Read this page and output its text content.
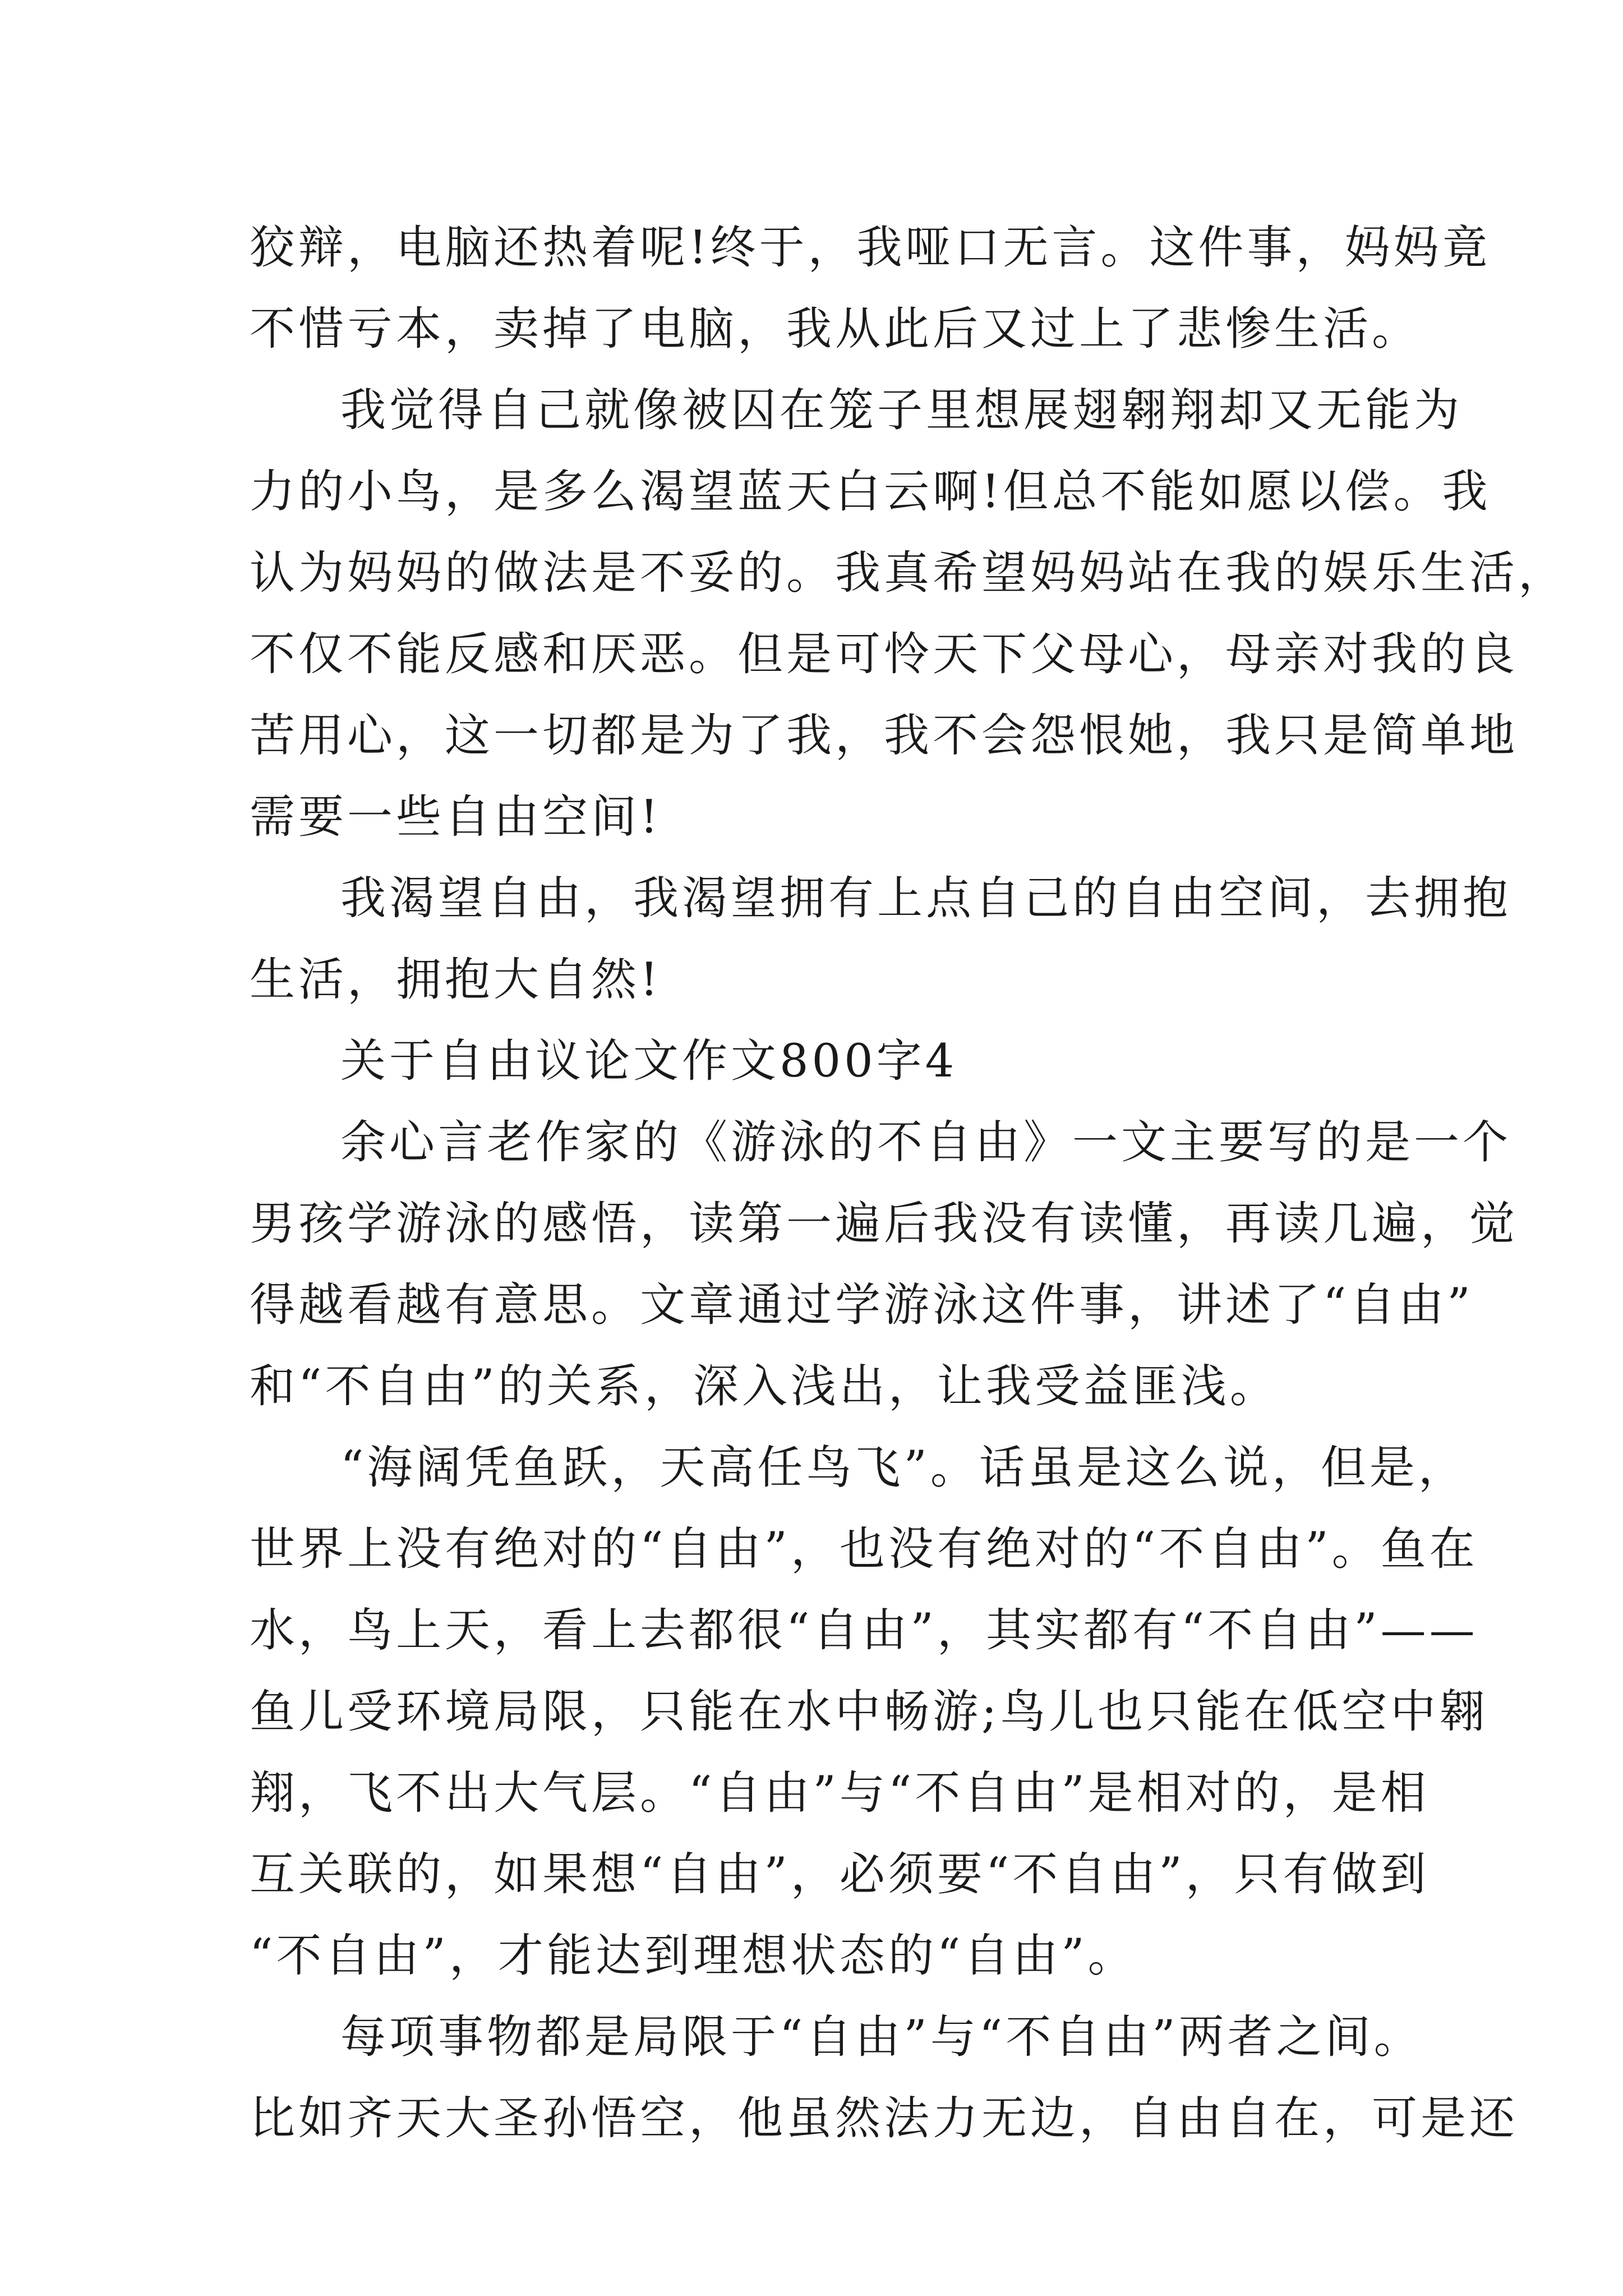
狡辩，电脑还热着呢!终于，我哑口无言。这件事，妈妈竟
不惜亏本，卖掉了电脑，我从此后又过上了悲惨生活。
我觉得自己就像被囚在笼子里想展翅翱翔却又无能为
力的小鸟，是多么渴望蓝天白云啊!但总不能如愿以偿。我
认为妈妈的做法是不妥的。我真希望妈妈站在我的娱乐生活，
不仅不能反感和厌恶。但是可怜天下父母心，母亲对我的良
苦用心，这一切都是为了我，我不会怨恨她，我只是简单地
需要一些自由空间!
我渴望自由，我渴望拥有上点自己的自由空间，去拥抱
生活，拥抱大自然!
关于自由议论文作文800字4
余心言老作家的《游泳的不自由》一文主要写的是一个
男孩学游泳的感悟，读第一遍后我没有读懂，再读几遍，觉
得越看越有意思。文章通过学游泳这件事，讲述了“自由”
和“不自由”的关系，深入浅出，让我受益匪浅。
“海阔凭鱼跃，天高任鸟飞”。话虽是这么说，但是，
世界上没有绝对的“自由”，也没有绝对的“不自由”。鱼在
水，鸟上天，看上去都很“自由”，其实都有“不自由”——
鱼儿受环境局限，只能在水中畅游;鸟儿也只能在低空中翱
翔，飞不出大气层。“自由”与“不自由”是相对的，是相
互关联的，如果想“自由”，必须要“不自由”，只有做到
“不自由”，才能达到理想状态的“自由”。
每项事物都是局限于“自由”与“不自由”两者之间。
比如齐天大圣孙悟空，他虽然法力无边，自由自在，可是还
